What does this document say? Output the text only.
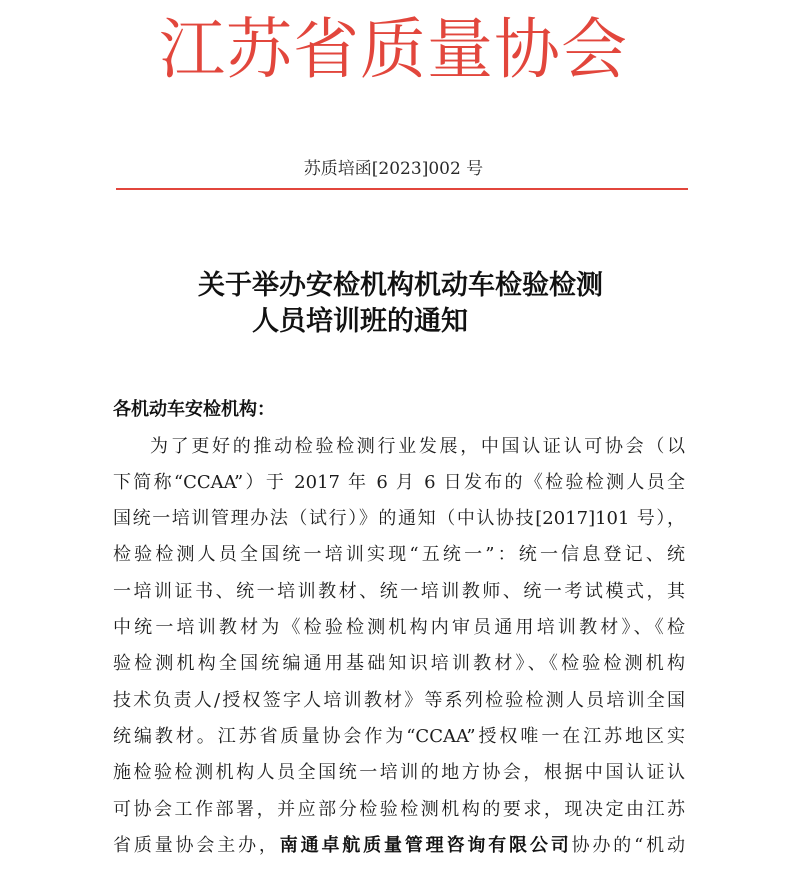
江苏省质量协会
苏质培函[2023]002 号
关于举办安检机构机动车检验检测
人员培训班的通知
各机动车安检机构：
为了更好的推动检验检测行业发展，中国认证认可协会（以
下简称“CCAA”）于 2017 年 6 月 6 日发布的《检验检测人员全
国统一培训管理办法（试行）》的通知（中认协技[2017]101 号），
检验检测人员全国统一培训实现“五统一”：统一信息登记、统
一培训证书、统一培训教材、统一培训教师、统一考试模式，其
中统一培训教材为《检验检测机构内审员通用培训教材》、《检
验检测机构全国统编通用基础知识培训教材》、《检验检测机构
技术负责人/授权签字人培训教材》等系列检验检测人员培训全国
统编教材。江苏省质量协会作为“CCAA”授权唯一在江苏地区实
施检验检测机构人员全国统一培训的地方协会，根据中国认证认
可协会工作部署，并应部分检验检测机构的要求，现决定由江苏
省质量协会主办，南通卓航质量管理咨询有限公司协办的“机动
